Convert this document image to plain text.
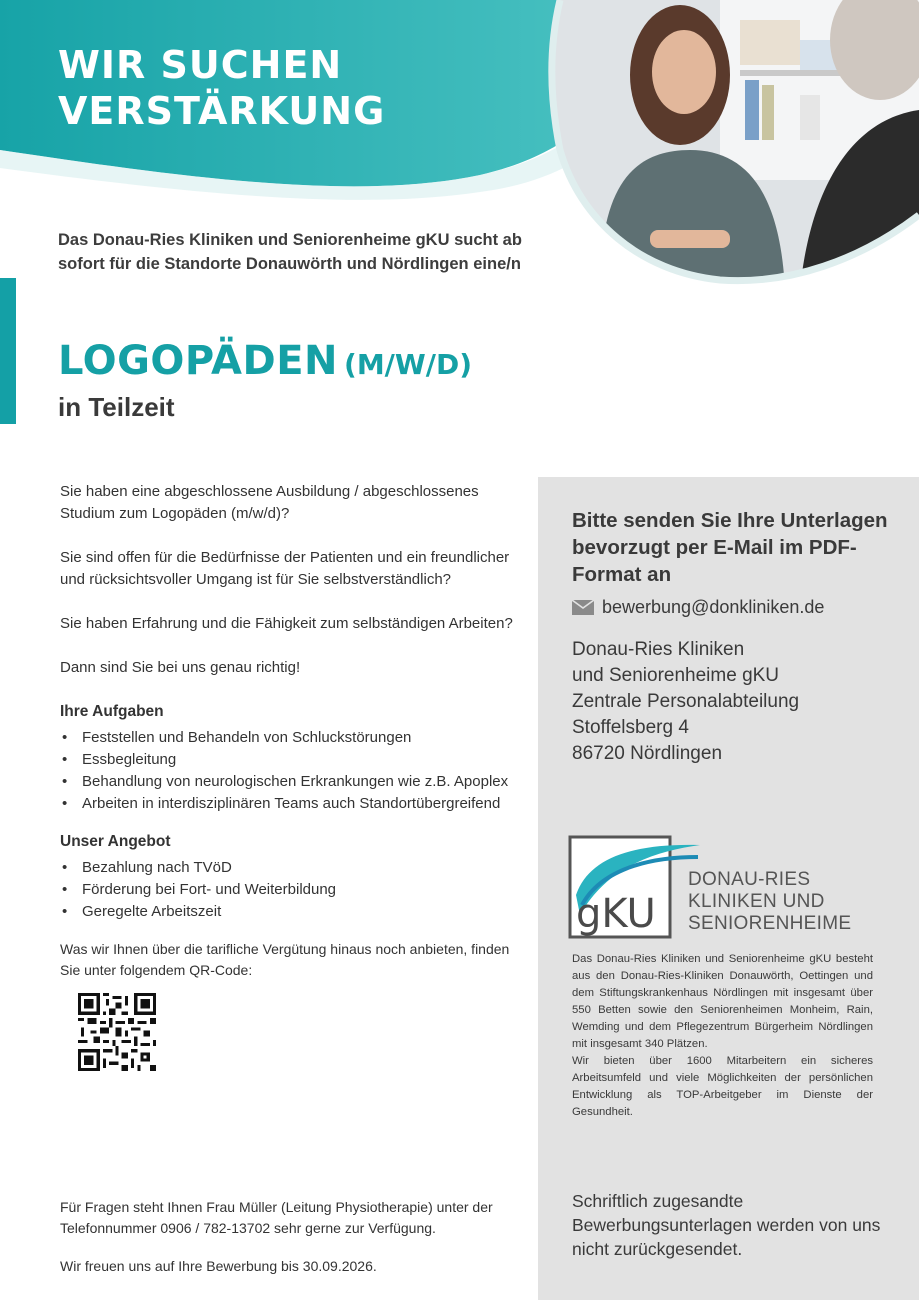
WIR SUCHEN
VERSTÄRKUNG
Das Donau-Ries Kliniken und Seniorenheime gKU sucht ab sofort für die Standorte Donauwörth und Nördlingen eine/n
LOGOPÄDEN (M/W/D)
in Teilzeit

Sie haben eine abgeschlossene Ausbildung / abgeschlossenes Studium zum Logopäden (m/w/d)?

Sie sind offen für die Bedürfnisse der Patienten und ein freundlicher und rücksichtsvoller Umgang ist für Sie selbstverständlich?

Sie haben Erfahrung und die Fähigkeit zum selbständigen Arbeiten?

Dann sind Sie bei uns genau richtig!

Ihre Aufgaben
• Feststellen und Behandeln von Schluckstörungen
• Essbegleitung
• Behandlung von neurologischen Erkrankungen wie z.B. Apoplex
• Arbeiten in interdisziplinären Teams auch Standortübergreifend
Unser Angebot
• Bezahlung nach TVöD
• Förderung bei Fort- und Weiterbildung
• Geregelte Arbeitszeit

Was wir Ihnen über die tarifliche Vergütung hinaus noch anbieten, finden Sie unter folgendem QR-Code:

Für Fragen steht Ihnen Frau Müller (Leitung Physiotherapie) unter der Telefonnummer 0906 / 782-13702 sehr gerne zur Verfügung.

Wir freuen uns auf Ihre Bewerbung bis 30.09.2026.

Bitte senden Sie Ihre Unterlagen bevorzugt per E-Mail im PDF-Format an
bewerbung@donkliniken.de
Donau-Ries Kliniken
und Seniorenheime gKU
Zentrale Personalabteilung
Stoffelsberg 4
86720 Nördlingen
gKU
DONAU-RIES
KLINIKEN UND
SENIORENHEIME

Das Donau-Ries Kliniken und Seniorenheime gKU besteht aus den Donau-Ries-Kliniken Donauwörth, Oettingen und dem Stiftungskrankenhaus Nördlingen mit insgesamt über 550 Betten sowie den Seniorenheimen Monheim, Rain, Wemding und dem Pflegezentrum Bürgerheim Nördlingen mit insgesamt 340 Plätzen.

Wir bieten über 1600 Mitarbeitern ein sicheres Arbeitsumfeld und viele Möglichkeiten der persönlichen Entwicklung als TOP-Arbeitgeber im Dienste der Gesundheit.

Schriftlich zugesandte Bewerbungsunterlagen werden von uns nicht zurückgesendet.
